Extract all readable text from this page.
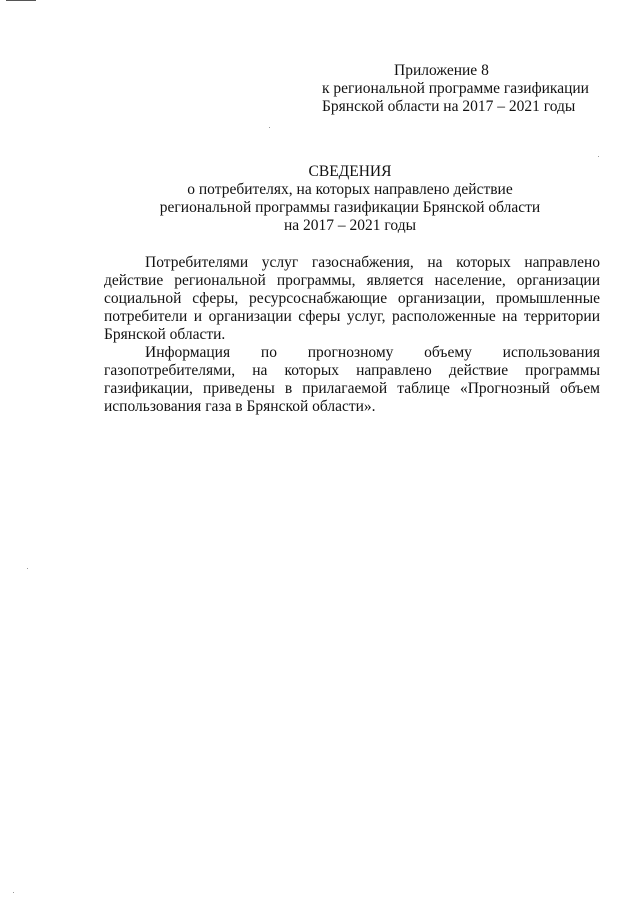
Приложение 8
к региональной программе газификации
Брянской области на 2017 – 2021 годы
СВЕДЕНИЯ
о потребителях, на которых направлено действие
региональной программы газификации Брянской области
на 2017 – 2021 годы

Потребителями услуг газоснабжения, на которых направлено действие региональной программы, является население, организации социальной сферы, ресурсоснабжающие организации, промышленные потребители и организации сферы услуг, расположенные на территории Брянской области.

Информация по прогнозному объему использования газопотребителями, на которых направлено действие программы газификации, приведены в прилагаемой таблице «Прогнозный объем использования газа в Брянской области».
